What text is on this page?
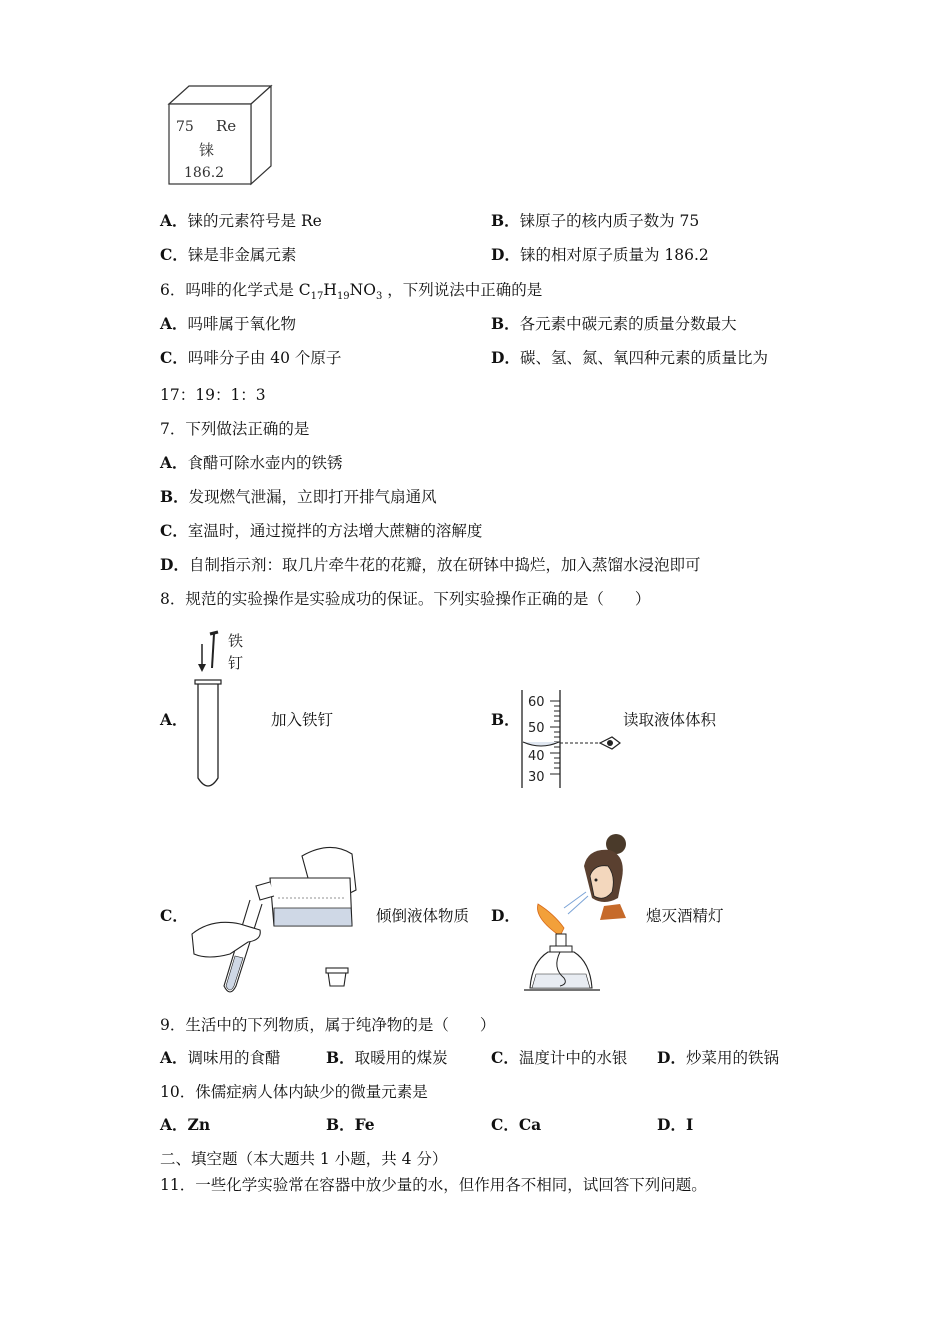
75 Re
铼
186.2
A．铼的元素符号是 Re	B．铼原子的核内质子数为 75
C．铼是非金属元素	D．铼的相对原子质量为 186.2
6．吗啡的化学式是 $C_{17}H_{19}NO_3$ ，下列说法中正确的是
A．吗啡属于氧化物	B．各元素中碳元素的质量分数最大
C．吗啡分子由 40 个原子	D．碳、氢、氮、氧四种元素的质量比为
17：19：1：3
7．下列做法正确的是
A．食醋可除水壶内的铁锈
B．发现燃气泄漏，立即打开排气扇通风
C．室温时，通过搅拌的方法增大蔗糖的溶解度
D．自制指示剂：取几片牵牛花的花瓣，放在研钵中捣烂，加入蒸馏水浸泡即可
8．规范的实验操作是实验成功的保证。下列实验操作正确的是（　　）
铁
钉
A．	加入铁钉
60
50
40
30
B．	读取液体体积
C．	倾倒液体物质 D．	熄灭酒精灯
9．生活中的下列物质，属于纯净物的是（　　）
A．调味用的食醋	B．取暖用的煤炭	C．温度计中的水银 D．炒菜用的铁锅
10．侏儒症病人体内缺少的微量元素是
A．Zn	B．Fe	C．Ca	D．I
二、填空题（本大题共 1 小题，共 4 分）
11．一些化学实验常在容器中放少量的水，但作用各不相同，试回答下列问题。
